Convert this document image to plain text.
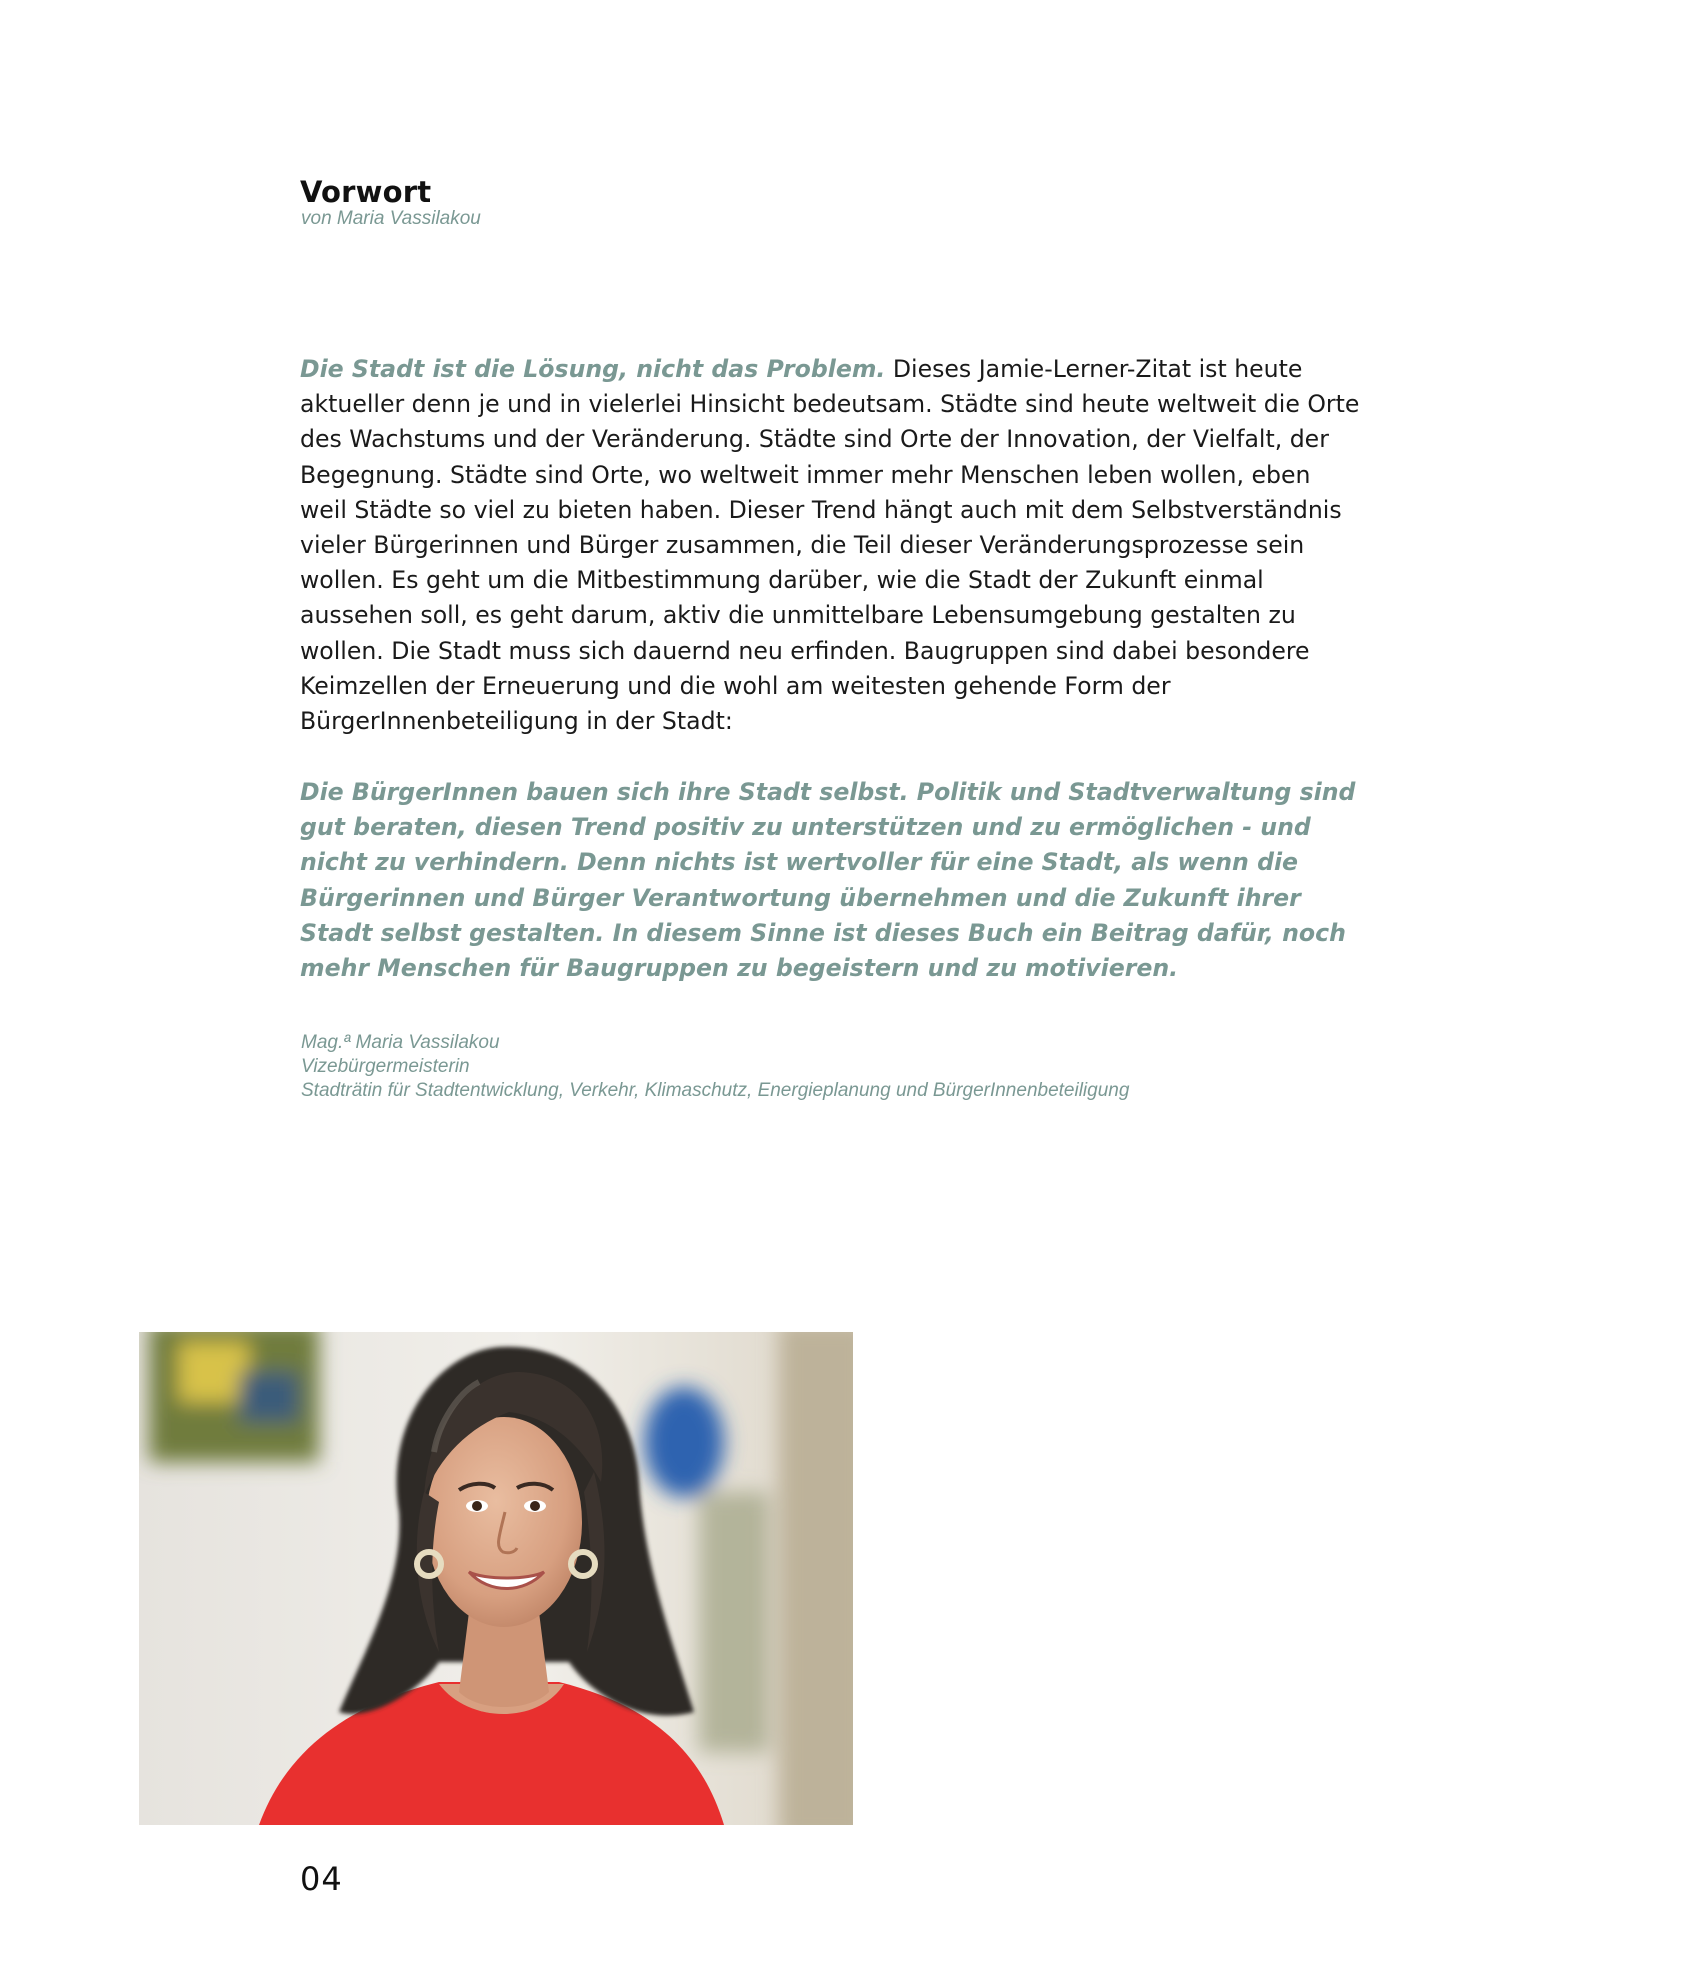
Vorwort
von Maria Vassilakou

Die Stadt ist die Lösung, nicht das Problem. Dieses Jamie-Lerner-Zitat ist heute aktueller denn je und in vielerlei Hinsicht bedeutsam. Städte sind heute weltweit die Orte des Wachstums und der Veränderung. Städte sind Orte der Innovation, der Vielfalt, der Begegnung. Städte sind Orte, wo weltweit immer mehr Menschen leben wollen, eben weil Städte so viel zu bieten haben. Dieser Trend hängt auch mit dem Selbstverständnis vieler Bürgerinnen und Bürger zusammen, die Teil dieser Veränderungsprozesse sein wollen. Es geht um die Mitbestimmung darüber, wie die Stadt der Zukunft einmal aussehen soll, es geht darum, aktiv die unmittelbare Lebensumgebung gestalten zu wollen. Die Stadt muss sich dauernd neu erfinden. Baugruppen sind dabei besondere Keimzellen der Erneuerung und die wohl am weitesten gehende Form der BürgerInnenbeteiligung in der Stadt:

Die BürgerInnen bauen sich ihre Stadt selbst. Politik und Stadtverwaltung sind gut beraten, diesen Trend positiv zu unterstützen und zu ermöglichen - und nicht zu verhindern. Denn nichts ist wertvoller für eine Stadt, als wenn die Bürgerinnen und Bürger Verantwortung übernehmen und die Zukunft ihrer Stadt selbst gestalten. In diesem Sinne ist dieses Buch ein Beitrag dafür, noch mehr Menschen für Baugruppen zu begeistern und zu motivieren.

Mag.ª Maria Vassilakou
Vizebürgermeisterin
Stadträtin für Stadtentwicklung, Verkehr, Klimaschutz, Energieplanung und BürgerInnenbeteiligung
04
